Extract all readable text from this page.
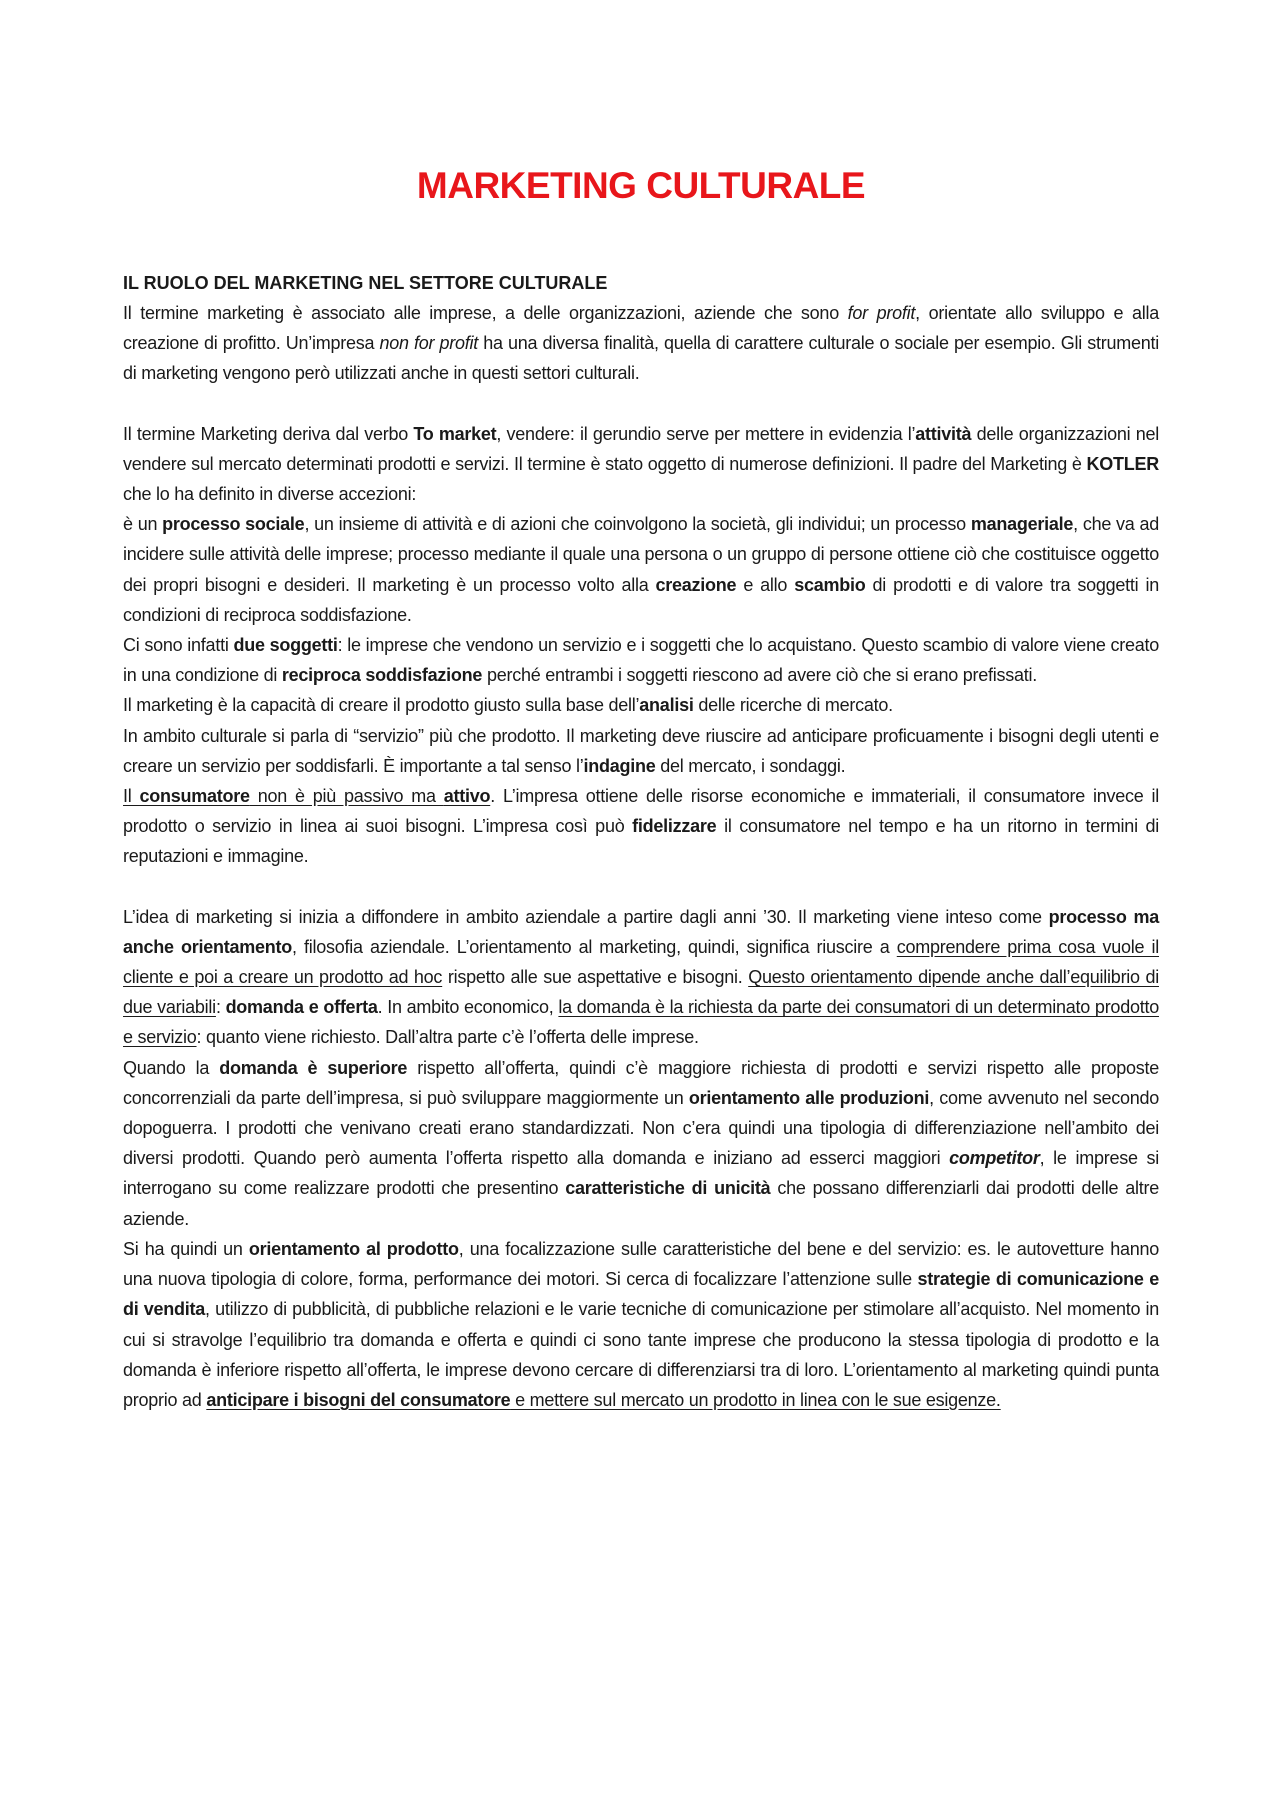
MARKETING CULTURALE
IL RUOLO DEL MARKETING NEL SETTORE CULTURALE

Il termine marketing è associato alle imprese, a delle organizzazioni, aziende che sono for profit, orientate allo sviluppo e alla creazione di profitto. Un’impresa non for profit ha una diversa finalità, quella di carattere culturale o sociale per esempio. Gli strumenti di marketing vengono però utilizzati anche in questi settori culturali.

Il termine Marketing deriva dal verbo To market, vendere: il gerundio serve per mettere in evidenzia l’attività delle organizzazioni nel vendere sul mercato determinati prodotti e servizi. Il termine è stato oggetto di numerose definizioni. Il padre del Marketing è KOTLER che lo ha definito in diverse accezioni:

è un processo sociale, un insieme di attività e di azioni che coinvolgono la società, gli individui; un processo manageriale, che va ad incidere sulle attività delle imprese; processo mediante il quale una persona o un gruppo di persone ottiene ciò che costituisce oggetto dei propri bisogni e desideri. Il marketing è un processo volto alla creazione e allo scambio di prodotti e di valore tra soggetti in condizioni di reciproca soddisfazione.

Ci sono infatti due soggetti: le imprese che vendono un servizio e i soggetti che lo acquistano. Questo scambio di valore viene creato in una condizione di reciproca soddisfazione perché entrambi i soggetti riescono ad avere ciò che si erano prefissati.

Il marketing è la capacità di creare il prodotto giusto sulla base dell’analisi delle ricerche di mercato.

In ambito culturale si parla di “servizio” più che prodotto. Il marketing deve riuscire ad anticipare proficuamente i bisogni degli utenti e creare un servizio per soddisfarli. È importante a tal senso l’indagine del mercato, i sondaggi.

Il consumatore non è più passivo ma attivo. L’impresa ottiene delle risorse economiche e immateriali, il consumatore invece il prodotto o servizio in linea ai suoi bisogni. L’impresa così può fidelizzare il consumatore nel tempo e ha un ritorno in termini di reputazioni e immagine.

L’idea di marketing si inizia a diffondere in ambito aziendale a partire dagli anni ’30. Il marketing viene inteso come processo ma anche orientamento, filosofia aziendale. L’orientamento al marketing, quindi, significa riuscire a comprendere prima cosa vuole il cliente e poi a creare un prodotto ad hoc rispetto alle sue aspettative e bisogni. Questo orientamento dipende anche dall’equilibrio di due variabili: domanda e offerta. In ambito economico, la domanda è la richiesta da parte dei consumatori di un determinato prodotto e servizio: quanto viene richiesto. Dall’altra parte c’è l’offerta delle imprese.

Quando la domanda è superiore rispetto all’offerta, quindi c’è maggiore richiesta di prodotti e servizi rispetto alle proposte concorrenziali da parte dell’impresa, si può sviluppare maggiormente un orientamento alle produzioni, come avvenuto nel secondo dopoguerra. I prodotti che venivano creati erano standardizzati. Non c’era quindi una tipologia di differenziazione nell’ambito dei diversi prodotti. Quando però aumenta l’offerta rispetto alla domanda e iniziano ad esserci maggiori competitor, le imprese si interrogano su come realizzare prodotti che presentino caratteristiche di unicità che possano differenziarli dai prodotti delle altre aziende.

Si ha quindi un orientamento al prodotto, una focalizzazione sulle caratteristiche del bene e del servizio: es. le autovetture hanno una nuova tipologia di colore, forma, performance dei motori. Si cerca di focalizzare l’attenzione sulle strategie di comunicazione e di vendita, utilizzo di pubblicità, di pubbliche relazioni e le varie tecniche di comunicazione per stimolare all’acquisto. Nel momento in cui si stravolge l’equilibrio tra domanda e offerta e quindi ci sono tante imprese che producono la stessa tipologia di prodotto e la domanda è inferiore rispetto all’offerta, le imprese devono cercare di differenziarsi tra di loro. L’orientamento al marketing quindi punta proprio ad anticipare i bisogni del consumatore e mettere sul mercato un prodotto in linea con le sue esigenze.
